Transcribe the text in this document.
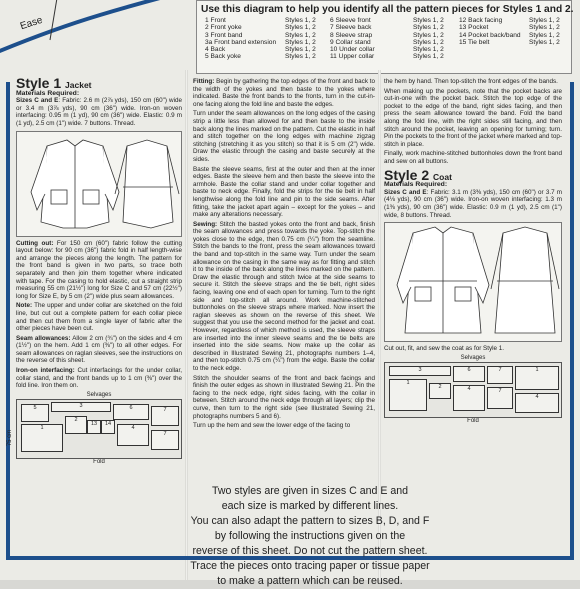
Ease
Use this diagram to help you identify all the pattern pieces for Styles 1 and 2.
1 Front	Styles 1, 2	6 Sleeve front	Styles 1, 2	12 Back facing	Styles 1, 2
2 Front yoke	Styles 1, 2	7 Sleeve back	Styles 1, 2	13 Pocket	Styles 1, 2
3 Front band	Styles 1, 2	8 Sleeve strap	Styles 1, 2	14 Pocket back/band	Styles 1, 2
3a Front band extension	Styles 1, 2	9 Collar stand	Styles 1, 2	15 Tie belt	Styles 1, 2
4 Back	Styles 1, 2	10 Under collar	Styles 1, 2
5 Back yoke	Styles 1, 2	11 Upper collar	Styles 1, 2
Style 1 Jacket
Materials Required:

Sizes C and E: Fabric: 2.6 m (2⅞ yds), 150 cm (60") wide or 3.4 m (3⅞ yds), 90 cm (36") wide. Iron-on woven interfacing: 0.95 m (1 yd), 90 cm (36") wide. Elastic: 0.9 m (1 yd), 2.5 cm (1") wide. 7 buttons. Thread.

Cutting out: For 150 cm (60") fabric follow the cutting layout below: for 90 cm (36") fabric fold in half length-wise and arrange the pieces along the length. The pattern for the front band is given in two parts, so trace both separately and then join them together where indicated with tape. For the casing to hold elastic, cut a straight strip measuring 55 cm (21½") long for Size C and 57 cm (22½") long for Size E, by 5 cm (2") wide plus seam allowances.

Note: The upper and under collar are sketched on the fold line, but cut out a complete pattern for each collar piece and then cut them from a single layer of fabric after the other pieces have been cut.

Seam allowances: Allow 2 cm (¾") on the sides and 4 cm (1½") on the hem. Add 1 cm (⅜") to all other edges. For seam allowances on raglan sleeves, see the instructions on the reverse of this sheet.

Iron-on interfacing: Cut interfacings for the under collar, collar stand, and the front bands up to 1 cm (⅜") over the fold line. Iron them on.

Selvages
5	3	6	7
1
2
13	14
4
7
Fold
75 cm

Fitting: Begin by gathering the top edges of the front and back to the width of the yokes and then baste to the yokes where indicated. Baste the front bands to the fronts, turn in the cut-in-one facing along the fold line and baste the edges.

Turn under the seam allowances on the long edges of the casing strip a little less than allowed for and then baste to the inside back along the lines marked on the pattern. Cut the elastic in half and stitch together on the long edges with machine zigzag stitching (stretching it as you stitch) so that it is 5 cm (2") wide. Draw the elastic through the casing and baste securely at the sides.

Baste the sleeve seams, first at the outer and then at the inner edges. Baste the sleeve hem and then baste the sleeve into the armhole. Baste the collar stand and under collar together and baste to neck edge. Finally, fold the strips for the tie belt in half lengthwise along the fold line and pin to the side seams. After fitting, take the jacket apart again – except for the yokes – and make any alterations necessary.

Sewing: Stitch the basted yokes onto the front and back, finish the seam allowances and press towards the yoke. Top-stitch the yokes close to the edge, then 0.75 cm (¼") from the seamline. Stitch the bands to the front, press the seam allowances toward the band and top-stitch in the same way. Turn under the seam allowance on the casing in the same way as for fitting and stitch it to the inside of the back along the lines marked on the pattern. Draw the elastic through and stitch twice at the side seams to secure it. Stitch the sleeve straps and the tie belt, right sides facing, leaving one end of each open for turning. Turn to the right side and top-stitch all around. Work machine-stitched buttonholes on the sleeve straps where marked. Now insert the raglan sleeves as shown on the reverse of this sheet. We suggest that you use the second method for the jacket and coat. However, regardless of which method is used, the sleeve straps are inserted into the inner sleeve seams and the tie belts are inserted into the side seams. Now make up the collar as described in Illustrated Sewing 21, photographs numbers 1–4, and then top-stitch 0.75 cm (¼") from the edge. Baste the collar to the neck edge.

Stitch the shoulder seams of the front and back facings and finish the outer edges as shown in Illustrated Sewing 21. Pin the facing to the neck edge, right sides facing, with the collar in between. Stitch around the neck edge through all layers; clip the curve, then turn to the right side (see Illustrated Sewing 21, photographs numbers 5 and 6).

Turn up the hem and sew the lower edge of the facing to

the hem by hand. Then top-stitch the front edges of the bands.

When making up the pockets, note that the pocket backs are cut-in-one with the pocket back. Stitch the top edge of the pocket to the edge of the band, right sides facing, and then press the seam allowance toward the band. Fold the band along the fold line, with the right sides still facing, and then stitch around the pocket, leaving an opening for turning; turn. Pin the pockets to the front of the jacket where marked and top-stitch in place.

Finally, work machine-stitched buttonholes down the front band and sew on all buttons.

Style 2 Coat
Materials Required:

Sizes C and E: Fabric: 3.1 m (3⅜ yds), 150 cm (60") or 3.7 m (4⅛ yds), 90 cm (36") wide. Iron-on woven interfacing: 1.3 m (1⅜ yds), 90 cm (36") wide. Elastic: 0.9 m (1 yd), 2.5 cm (1") wide, 8 buttons. Thread.

Cut out, fit, and sew the coat as for Style 1.

Selvages
3	6	7	1
1
2	4	7
4
Fold
Two styles are given in sizes C and E and
each size is marked by different lines.
You can also adapt the pattern to sizes B, D, and F
by following the instructions given on the
reverse of this sheet. Do not cut the pattern sheet.
Trace the pieces onto tracing paper or tissue paper
to make a pattern which can be reused.
